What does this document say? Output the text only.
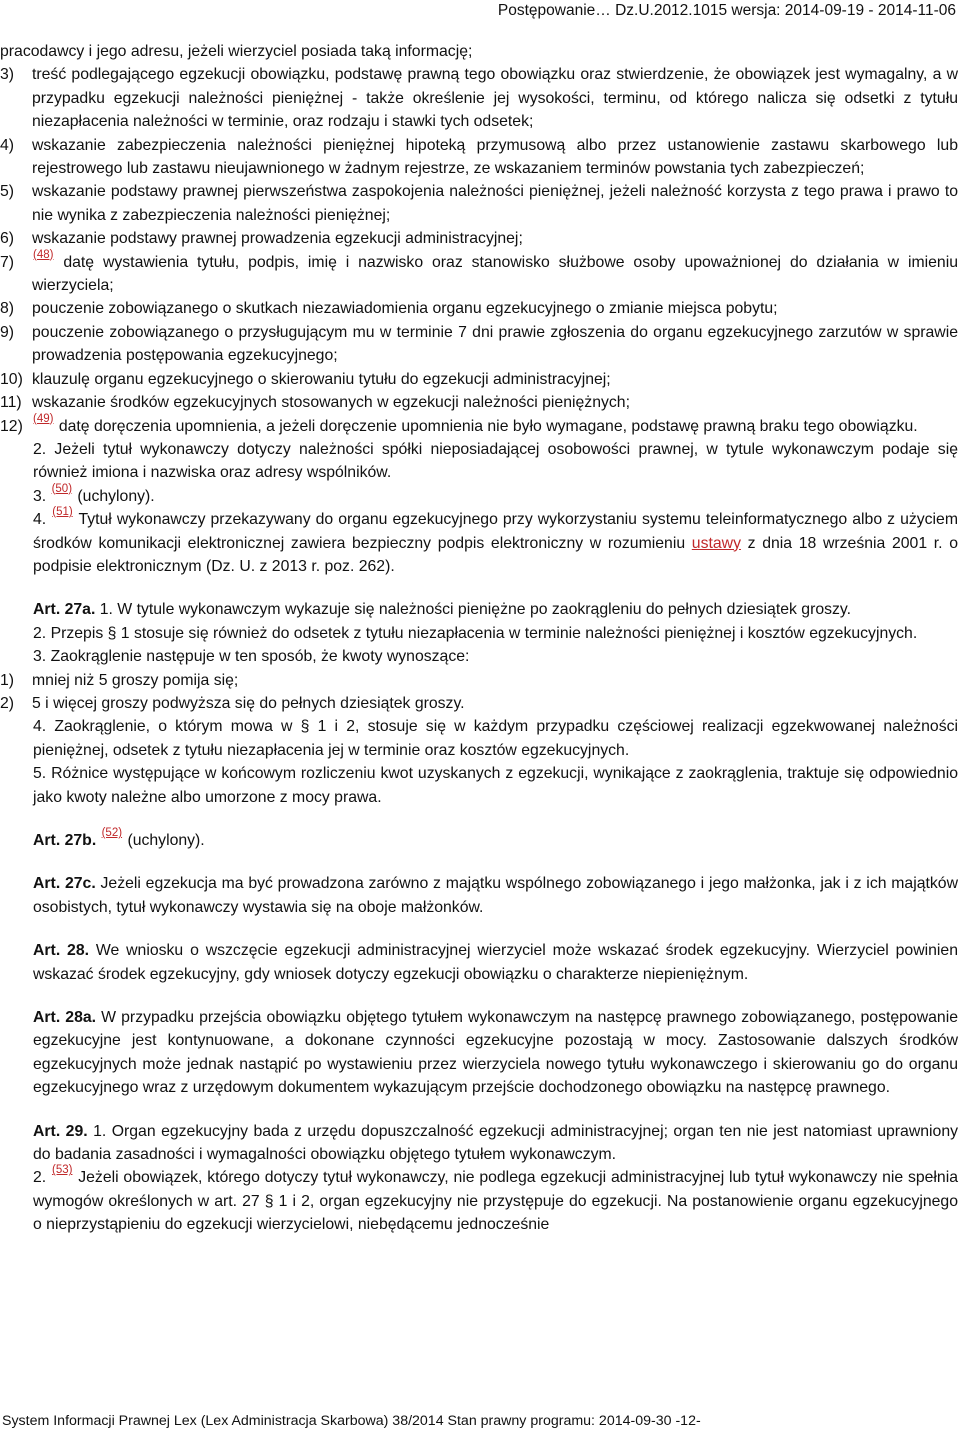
Postępowanie… Dz.U.2012.1015 wersja: 2014-09-19 - 2014-11-06

pracodawcy i jego adresu, jeżeli wierzyciel posiada taką informację;

3)	treść podlegającego egzekucji obowiązku, podstawę prawną tego obowiązku oraz stwierdzenie, że obowiązek jest wymagalny, a w przypadku egzekucji należności pieniężnej - także określenie jej wysokości, terminu, od którego nalicza się odsetki z tytułu niezapłacenia należności w terminie, oraz rodzaju i stawki tych odsetek;
4)	wskazanie zabezpieczenia należności pieniężnej hipoteką przymusową albo przez ustanowienie zastawu skarbowego lub rejestrowego lub zastawu nieujawnionego w żadnym rejestrze, ze wskazaniem terminów powstania tych zabezpieczeń;
5)	wskazanie podstawy prawnej pierwszeństwa zaspokojenia należności pieniężnej, jeżeli należność korzysta z tego prawa i prawo to nie wynika z zabezpieczenia należności pieniężnej;
6)	wskazanie podstawy prawnej prowadzenia egzekucji administracyjnej;
7)	$^{(48)}$ datę wystawienia tytułu, podpis, imię i nazwisko oraz stanowisko służbowe osoby upoważnionej do działania w imieniu wierzyciela;
8)	pouczenie zobowiązanego o skutkach niezawiadomienia organu egzekucyjnego o zmianie miejsca pobytu;
9)	pouczenie zobowiązanego o przysługującym mu w terminie 7 dni prawie zgłoszenia do organu egzekucyjnego zarzutów w sprawie prowadzenia postępowania egzekucyjnego;
10) klauzulę organu egzekucyjnego o skierowaniu tytułu do egzekucji administracyjnej;
11) wskazanie środków egzekucyjnych stosowanych w egzekucji należności pieniężnych;
12) $^{(49)}$ datę doręczenia upomnienia, a jeżeli doręczenie upomnienia nie było wymagane, podstawę prawną braku tego obowiązku.

2. Jeżeli tytuł wykonawczy dotyczy należności spółki nieposiadającej osobowości prawnej, w tytule wykonawczym podaje się również imiona i nazwiska oraz adresy wspólników.

3. $^{(50)}$ (uchylony).

4. $^{(51)}$ Tytuł wykonawczy przekazywany do organu egzekucyjnego przy wykorzystaniu systemu teleinformatycznego albo z użyciem środków komunikacji elektronicznej zawiera bezpieczny podpis elektroniczny w rozumieniu ustawy z dnia 18 września 2001 r. o podpisie elektronicznym (Dz. U. z 2013 r. poz. 262).

Art. 27a. 1. W tytule wykonawczym wykazuje się należności pieniężne po zaokrągleniu do pełnych dziesiątek groszy.

2. Przepis § 1 stosuje się również do odsetek z tytułu niezapłacenia w terminie należności pieniężnej i kosztów egzekucyjnych.

3. Zaokrąglenie następuje w ten sposób, że kwoty wynoszące:

1)	mniej niż 5 groszy pomija się;
2)	5 i więcej groszy podwyższa się do pełnych dziesiątek groszy.

4. Zaokrąglenie, o którym mowa w § 1 i 2, stosuje się w każdym przypadku częściowej realizacji egzekwowanej należności pieniężnej, odsetek z tytułu niezapłacenia jej w terminie oraz kosztów egzekucyjnych.

5. Różnice występujące w końcowym rozliczeniu kwot uzyskanych z egzekucji, wynikające z zaokrąglenia, traktuje się odpowiednio jako kwoty należne albo umorzone z mocy prawa.

Art. 27b. $^{(52)}$ (uchylony).

Art. 27c. Jeżeli egzekucja ma być prowadzona zarówno z majątku wspólnego zobowiązanego i jego małżonka, jak i z ich majątków osobistych, tytuł wykonawczy wystawia się na oboje małżonków.

Art. 28. We wniosku o wszczęcie egzekucji administracyjnej wierzyciel może wskazać środek egzekucyjny. Wierzyciel powinien wskazać środek egzekucyjny, gdy wniosek dotyczy egzekucji obowiązku o charakterze niepieniężnym.

Art. 28a. W przypadku przejścia obowiązku objętego tytułem wykonawczym na następcę prawnego zobowiązanego, postępowanie egzekucyjne jest kontynuowane, a dokonane czynności egzekucyjne pozostają w mocy. Zastosowanie dalszych środków egzekucyjnych może jednak nastąpić po wystawieniu przez wierzyciela nowego tytułu wykonawczego i skierowaniu go do organu egzekucyjnego wraz z urzędowym dokumentem wykazującym przejście dochodzonego obowiązku na następcę prawnego.

Art. 29. 1. Organ egzekucyjny bada z urzędu dopuszczalność egzekucji administracyjnej; organ ten nie jest natomiast uprawniony do badania zasadności i wymagalności obowiązku objętego tytułem wykonawczym.

2. $^{(53)}$ Jeżeli obowiązek, którego dotyczy tytuł wykonawczy, nie podlega egzekucji administracyjnej lub tytuł wykonawczy nie spełnia wymogów określonych w art. 27 § 1 i 2, organ egzekucyjny nie przystępuje do egzekucji. Na postanowienie organu egzekucyjnego o nieprzystąpieniu do egzekucji wierzycielowi, niebędącemu jednocześnie

System Informacji Prawnej Lex (Lex Administracja Skarbowa) 38/2014 Stan prawny programu: 2014-09-30 -12-
